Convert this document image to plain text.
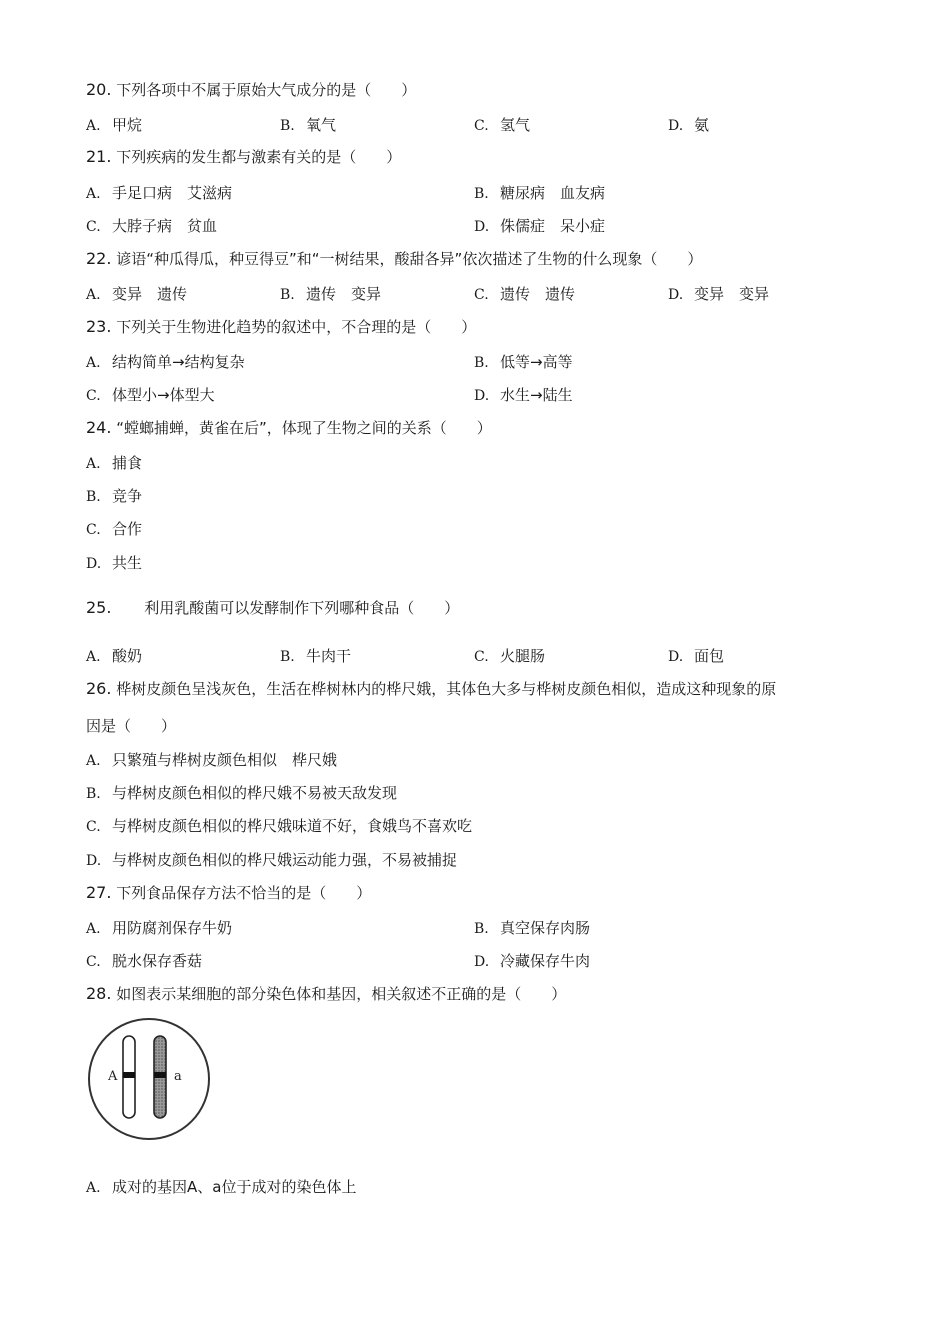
20. 下列各项中不属于原始大气成分的是（　　）
A. 甲烷	B. 氧气	C. 氢气	D. 氨
21. 下列疾病的发生都与激素有关的是（　　）
A. 手足口病　艾滋病	B. 糖尿病　血友病
C. 大脖子病　贫血	D. 侏儒症　呆小症
22. 谚语“种瓜得瓜，种豆得豆”和“一树结果，酸甜各异”依次描述了生物的什么现象（　　）
A. 变异　遗传	B. 遗传　变异	C. 遗传　遗传	D. 变异　变异
23. 下列关于生物进化趋势的叙述中，不合理的是（　　）
A. 结构简单→结构复杂	B. 低等→高等
C. 体型小→体型大	D. 水生→陆生
24. “螳螂捕蝉，黄雀在后”，体现了生物之间的关系（　　）
A. 捕食
B. 竞争
C. 合作
D. 共生
25. 利用乳酸菌可以发酵制作下列哪种食品（　　）
A. 酸奶	B. 牛肉干	C. 火腿肠	D. 面包
26. 桦树皮颜色呈浅灰色，生活在桦树林内的桦尺娥，其体色大多与桦树皮颜色相似，造成这种现象的原
因是（　　）
A. 只繁殖与桦树皮颜色相似　桦尺娥
B. 与桦树皮颜色相似的桦尺娥不易被天敌发现
C. 与桦树皮颜色相似的桦尺娥味道不好，食娥鸟不喜欢吃
D. 与桦树皮颜色相似的桦尺娥运动能力强，不易被捕捉
27. 下列食品保存方法不恰当的是（　　）
A. 用防腐剂保存牛奶	B. 真空保存肉肠
C. 脱水保存香菇	D. 冷藏保存牛肉
28. 如图表示某细胞的部分染色体和基因，相关叙述不正确的是（　　）
A	a
A. 成对的基因A、a位于成对的染色体上
